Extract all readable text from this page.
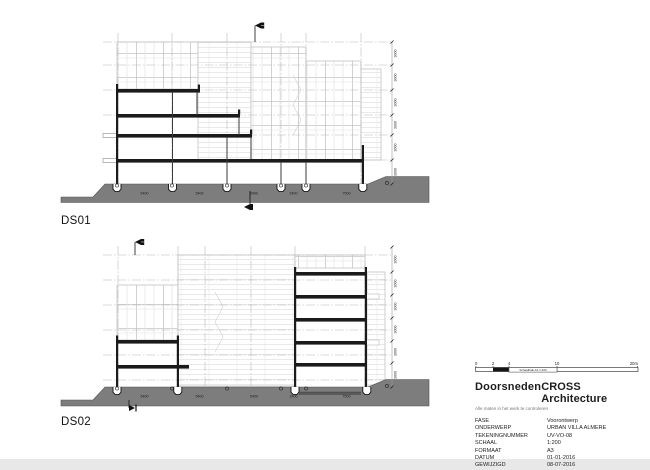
5400	5400	5400	2400	7500
3000
3000
3000
3000
3000
3000
DS01
5400	5400	5400	2400	7500
3000
3000
3000
3000
3000
3000
DS02
0	2	4	10	20m
Schaalbalk A3 1:200
Doorsneden CROSS Architecture
Alle maten in het werk te controleren
FASE	Voorontwerp
ONDERWERP	URBAN VILLA ALMERE
TEKENINGNUMMER	UV-VO-08
SCHAAL	1:200
FORMAAT	A3
DATUM	01-01-2016
GEWIJZIGD	08-07-2016
